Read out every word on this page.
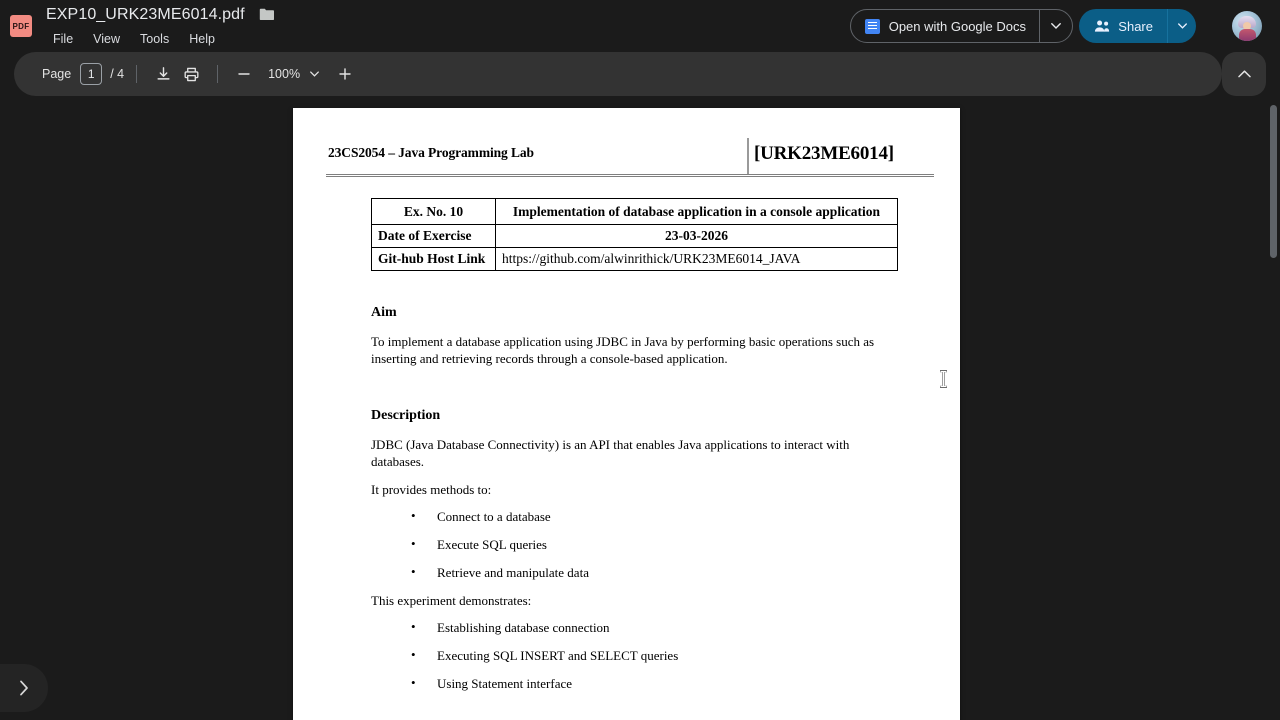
PDF
EXP10_URK23ME6014.pdf
File	View	Tools	Help
Open with Google Docs	Share
Page
1	/ 4	100%
23CS2054 – Java Programming Lab	[URK23ME6014]
Ex. No. 10	Implementation of database application in a console application
Date of Exercise	23-03-2026
Git-hub Host Link	https://github.com/alwinrithick/URK23ME6014_JAVA
Aim
To implement a database application using JDBC in Java by performing basic operations such as inserting and retrieving records through a console-based application.
Description
JDBC (Java Database Connectivity) is an API that enables Java applications to interact with databases.
It provides methods to:
• Connect to a database
• Execute SQL queries
• Retrieve and manipulate data
This experiment demonstrates:
• Establishing database connection
• Executing SQL INSERT and SELECT queries
• Using Statement interface
